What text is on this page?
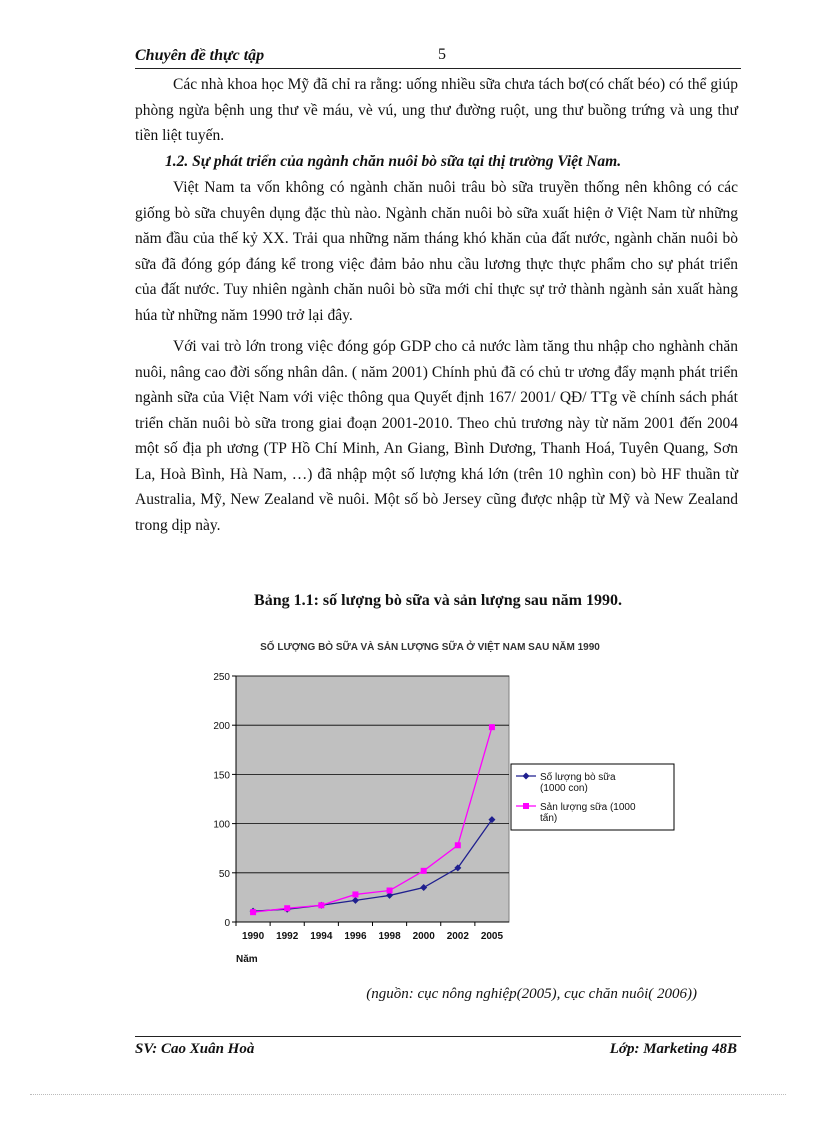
Chuyên đề thực tập	5

Các nhà khoa học Mỹ đã chỉ ra rằng: uống nhiều sữa chưa tách bơ(có chất béo) có thể giúp phòng ngừa bệnh ung thư về máu, vè vú, ung thư đường ruột, ung thư buồng trứng và ung thư tiền liệt tuyến.

1.2. Sự phát triển của ngành chăn nuôi bò sữa tại thị trường Việt Nam.

Việt Nam ta vốn không có ngành chăn nuôi trâu bò sữa truyền thống nên không có các giống bò sữa chuyên dụng đặc thù nào. Ngành chăn nuôi bò sữa xuất hiện ở Việt Nam từ những năm đầu của thế kỷ XX. Trải qua những năm tháng khó khăn của đất nước, ngành chăn nuôi bò sữa đã đóng góp đáng kể trong việc đảm bảo nhu cầu lương thực thực phẩm cho sự phát triển của đất nước. Tuy nhiên ngành chăn nuôi bò sữa mới chỉ thực sự trở thành ngành sản xuất hàng húa từ những năm 1990 trở lại đây.

Với vai trò lớn trong việc đóng góp GDP cho cả nước làm tăng thu nhập cho nghành chăn nuôi, nâng cao đời sống nhân dân. ( năm 2001) Chính phủ đã có chủ tr ương đẩy mạnh phát triển ngành sữa của Việt Nam với việc thông qua Quyết định 167/ 2001/ QĐ/ TTg về chính sách phát triển chăn nuôi bò sữa trong giai đoạn 2001-2010. Theo chủ trương này từ năm 2001 đến 2004 một số địa ph ương (TP Hồ Chí Minh, An Giang, Bình Dương, Thanh Hoá, Tuyên Quang, Sơn La, Hoà Bình, Hà Nam, …) đã nhập một số lượng khá lớn (trên 10 nghìn con) bò HF thuần từ Australia, Mỹ, New Zealand về nuôi. Một số bò Jersey cũng được nhập từ Mỹ và New Zealand trong dịp này.

Bảng 1.1: số lượng bò sữa và sản lượng sau năm 1990.
SỐ LƯỢNG BÒ SỮA VÀ SẢN LƯỢNG SỮA Ở VIỆT NAM SAU NĂM 1990
0
50
100
150
200
250
1990 1992 1994 1996 1998 2000 2002 2005
Năm
Số lượng bò sữa
(1000 con)
Sản lượng sữa (1000
tấn)
(nguồn: cục nông nghiệp(2005), cục chăn nuôi( 2006))
SV: Cao Xuân Hoà	Lớp: Marketing 48B
